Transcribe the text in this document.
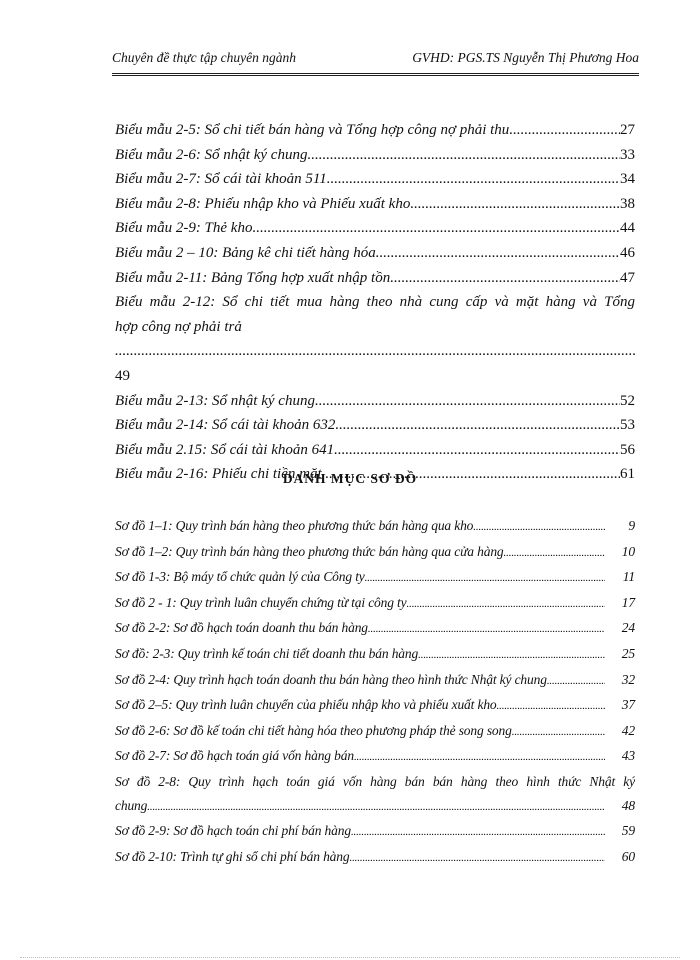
Chuyên đề thực tập chuyên ngành	GVHD: PGS.TS Nguyễn Thị Phương Hoa
Biểu mẫu 2-5: Sổ chi tiết bán hàng và Tổng hợp công nợ phải thu .....	27
Biểu mẫu 2-6: Sổ nhật ký chung .....	33
Biểu mẫu 2-7: Sổ cái tài khoản 511 .....	34
Biểu mẫu 2-8: Phiếu nhập kho và Phiếu xuất kho .....	38
Biểu mẫu 2-9: Thẻ kho .....	44
Biểu mẫu 2 – 10: Bảng kê chi tiết hàng hóa .....	46
Biểu mẫu 2-11: Bảng Tổng hợp xuất nhập tồn .....	47
Biểu mẫu 2-12: Sổ chi tiết mua hàng theo nhà cung cấp và mặt hàng và Tổng
hợp công nợ phải trả
.....
49
Biểu mẫu 2-13: Sổ nhật ký chung .....	52
Biểu mẫu 2-14: Sổ cái tài khoản 632 .....	53
Biểu mẫu 2.15: Sổ cái tài khoản 641 .....	56
Biểu mẫu 2-16: Phiếu chi tiền mặt .....	61
DANH MỤC SƠ ĐỒ
Sơ đồ 1–1: Quy trình bán hàng theo phương thức bán hàng qua kho .....	9
Sơ đồ 1–2: Quy trình bán hàng theo phương thức bán hàng qua cửa hàng .....	10
Sơ đồ 1-3: Bộ máy tổ chức quản lý của Công ty .....	11
Sơ đồ 2 - 1: Quy trình luân chuyển chứng từ tại công ty .....	17
Sơ đồ 2-2: Sơ đồ hạch toán doanh thu bán hàng .....	24
Sơ đồ: 2-3: Quy trình kế toán chi tiết doanh thu bán hàng .....	25
Sơ đồ 2-4: Quy trình hạch toán doanh thu bán hàng theo hình thức Nhật ký chung .....	32
Sơ đồ 2–5: Quy trình luân chuyển của phiếu nhập kho và phiếu xuất kho .....	37
Sơ đồ 2-6: Sơ đồ kế toán chi tiết hàng hóa theo phương pháp thẻ song song .....	42
Sơ đồ 2-7: Sơ đồ hạch toán giá vốn hàng bán .....	43
Sơ đồ 2-8: Quy trình hạch toán giá vốn hàng bán bán hàng theo hình thức Nhật ký
chung .....	48
Sơ đồ 2-9: Sơ đồ hạch toán chi phí bán hàng .....	59
Sơ đồ 2-10: Trình tự ghi sổ chi phí bán hàng .....	60
